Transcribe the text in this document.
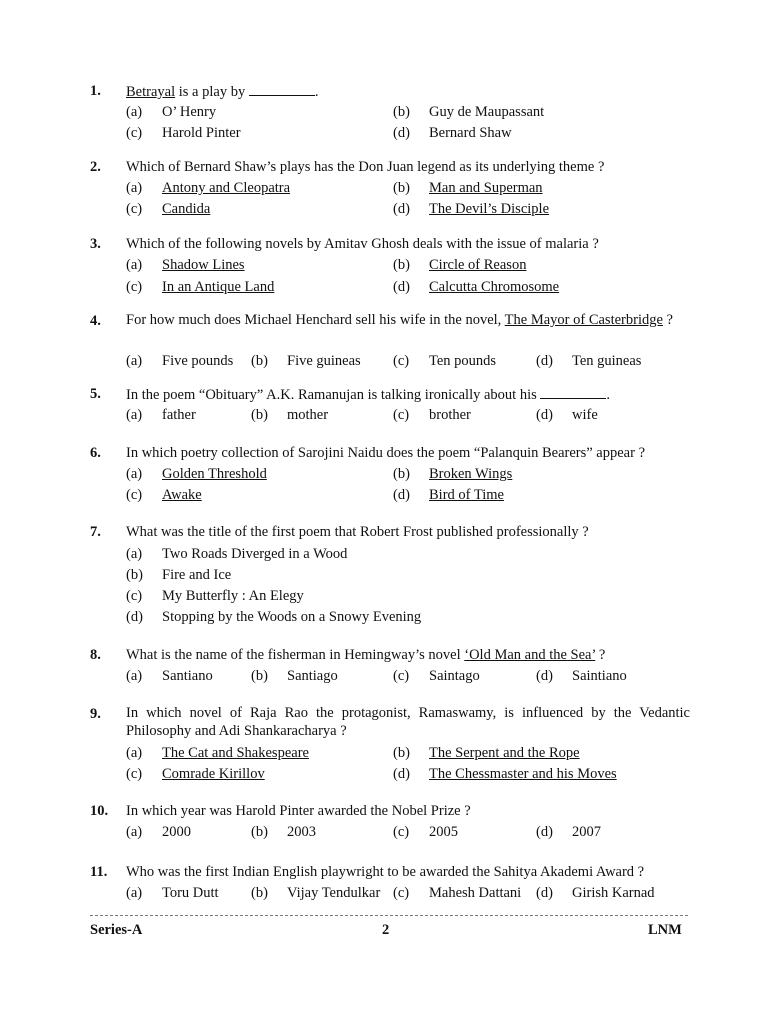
1. Betrayal is a play by	.
(a) O’ Henry	(b) Guy de Maupassant
(c) Harold Pinter	(d) Bernard Shaw
2. Which of Bernard Shaw’s plays has the Don Juan legend as its underlying theme ?
(a) Antony and Cleopatra	(b) Man and Superman
(c) Candida	(d) The Devil’s Disciple
3. Which of the following novels by Amitav Ghosh deals with the issue of malaria ?
(a) Shadow Lines	(b) Circle of Reason
(c) In an Antique Land	(d) Calcutta Chromosome
4. For how much does Michael Henchard sell his wife in the novel, The Mayor of Casterbridge ?
(a) Five pounds (b) Five guineas (c) Ten pounds	(d) Ten guineas
5. In the poem “Obituary” A.K. Ramanujan is talking ironically about his	.
(a) father	(b) mother	(c) brother	(d) wife
6. In which poetry collection of Sarojini Naidu does the poem “Palanquin Bearers” appear ?
(a) Golden Threshold	(b) Broken Wings
(c) Awake	(d) Bird of Time
7. What was the title of the first poem that Robert Frost published professionally ?
(a) Two Roads Diverged in a Wood
(b) Fire and Ice
(c) My Butterfly : An Elegy
(d) Stopping by the Woods on a Snowy Evening
8. What is the name of the fisherman in Hemingway’s novel ‘Old Man and the Sea’ ?
(a) Santiano	(b) Santiago	(c) Saintago	(d) Saintiano
9. In which novel of Raja Rao the protagonist, Ramaswamy, is influenced by the Vedantic Philosophy and Adi Shankaracharya ?
(a) The Cat and Shakespeare	(b) The Serpent and the Rope
(c) Comrade Kirillov	(d) The Chessmaster and his Moves
10. In which year was Harold Pinter awarded the Nobel Prize ?
(a) 2000	(b) 2003	(c) 2005	(d) 2007
11. Who was the first Indian English playwright to be awarded the Sahitya Akademi Award ?
(a) Toru Dutt (b) Vijay Tendulkar (c) Mahesh Dattani (d) Girish Karnad
Series-A	2	LNM
